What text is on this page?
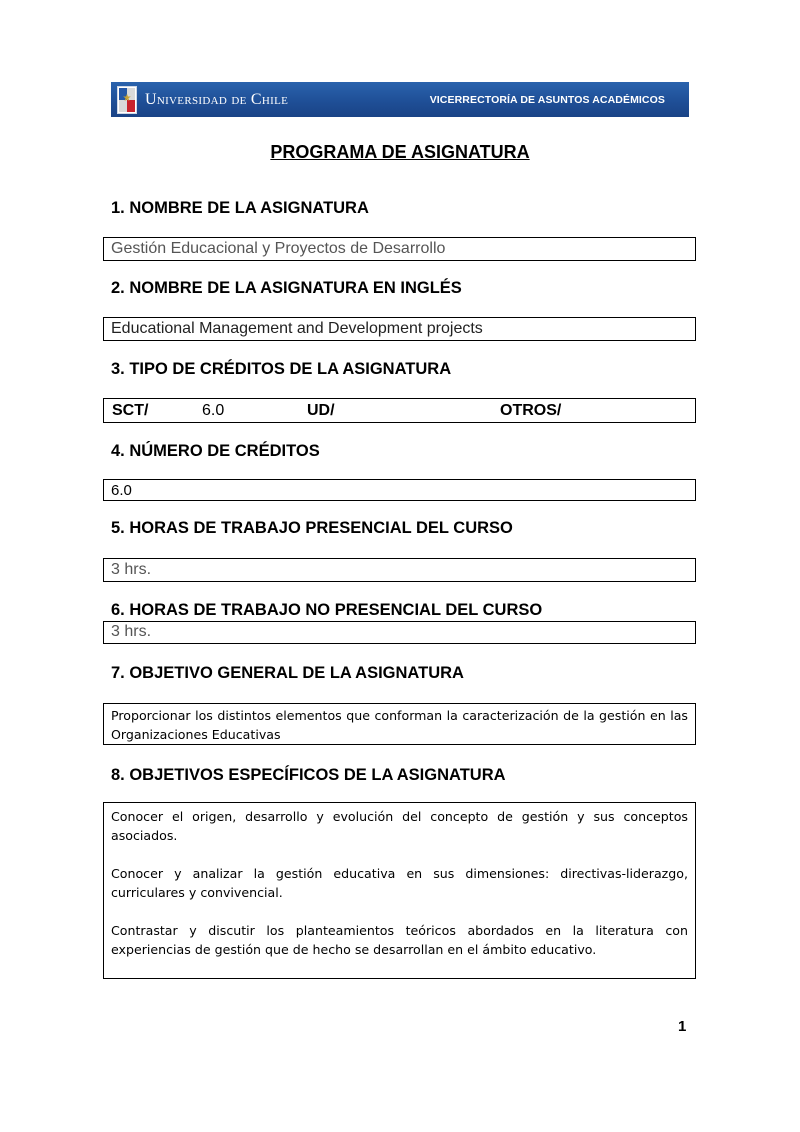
★ Universidad de Chile	VICERRECTORÍA DE ASUNTOS ACADÉMICOS
PROGRAMA DE ASIGNATURA
1. NOMBRE DE LA ASIGNATURA
Gestión Educacional y Proyectos de Desarrollo
2. NOMBRE DE LA ASIGNATURA EN INGLÉS
Educational Management and Development projects
3. TIPO DE CRÉDITOS DE LA ASIGNATURA
SCT/	6.0	UD/	OTROS/
4. NÚMERO DE CRÉDITOS
6.0
5. HORAS DE TRABAJO PRESENCIAL DEL CURSO
3 hrs.
6. HORAS DE TRABAJO NO PRESENCIAL DEL CURSO
3 hrs.
7. OBJETIVO GENERAL DE LA ASIGNATURA

Proporcionar los distintos elementos que conforman la caracterización de la gestión en las Organizaciones Educativas

8. OBJETIVOS ESPECÍFICOS DE LA ASIGNATURA

Conocer el origen, desarrollo y evolución del concepto de gestión y sus conceptos asociados.

Conocer y analizar la gestión educativa en sus dimensiones: directivas-liderazgo, curriculares y convivencial.

Contrastar y discutir los planteamientos teóricos abordados en la literatura con experiencias de gestión que de hecho se desarrollan en el ámbito educativo.

1
